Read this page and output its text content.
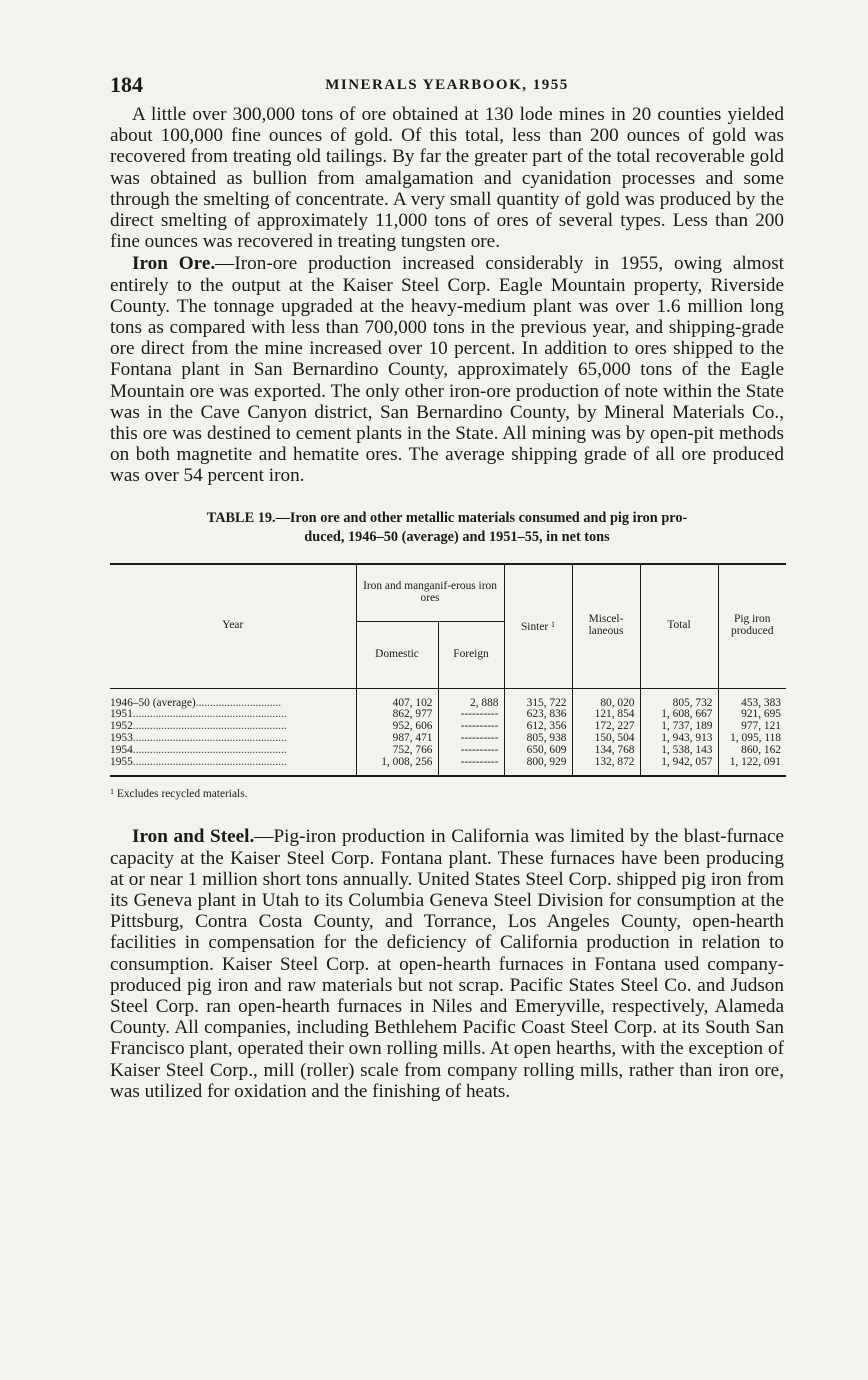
184	MINERALS YEARBOOK, 1955

A little over 300,000 tons of ore obtained at 130 lode mines in 20 counties yielded about 100,000 fine ounces of gold. Of this total, less than 200 ounces of gold was recovered from treating old tailings. By far the greater part of the total recoverable gold was obtained as bullion from amalgamation and cyanidation processes and some through the smelting of concentrate. A very small quantity of gold was produced by the direct smelting of approximately 11,000 tons of ores of several types. Less than 200 fine ounces was recovered in treating tungsten ore.

Iron Ore.—Iron-ore production increased considerably in 1955, owing almost entirely to the output at the Kaiser Steel Corp. Eagle Mountain property, Riverside County. The tonnage upgraded at the heavy-medium plant was over 1.6 million long tons as compared with less than 700,000 tons in the previous year, and shipping-grade ore direct from the mine increased over 10 percent. In addition to ores shipped to the Fontana plant in San Bernardino County, approximately 65,000 tons of the Eagle Mountain ore was exported. The only other iron-ore production of note within the State was in the Cave Canyon district, San Bernardino County, by Mineral Materials Co., this ore was destined to cement plants in the State. All mining was by open-pit methods on both magnetite and hematite ores. The average shipping grade of all ore produced was over 54 percent iron.

TABLE 19.—Iron ore and other metallic materials consumed and pig iron pro-
duced, 1946–50 (average) and 1951–55, in net tons
Year	Iron and manganif-erous iron ores		Sinter $^1$	Miscel-laneous	Total	Pig iron produced
	Domestic	Foreign				
1946–50 (average)..............................	407, 102	2, 888	315, 722	80, 020	805, 732	453, 383
1951......................................................	862, 977	----------	623, 836	121, 854	1, 608, 667	921, 695
1952......................................................	952, 606	----------	612, 356	172, 227	1, 737, 189	977, 121
1953......................................................	987, 471	----------	805, 938	150, 504	1, 943, 913	1, 095, 118
1954......................................................	752, 766	----------	650, 609	134, 768	1, 538, 143	860, 162
1955......................................................	1, 008, 256	----------	800, 929	132, 872	1, 942, 057	1, 122, 091
$^1$ Excludes recycled materials.

Iron and Steel.—Pig-iron production in California was limited by the blast-furnace capacity at the Kaiser Steel Corp. Fontana plant. These furnaces have been producing at or near 1 million short tons annually. United States Steel Corp. shipped pig iron from its Geneva plant in Utah to its Columbia Geneva Steel Division for consumption at the Pittsburg, Contra Costa County, and Torrance, Los Angeles County, open-hearth facilities in compensation for the deficiency of California production in relation to consumption. Kaiser Steel Corp. at open-hearth furnaces in Fontana used company-produced pig iron and raw materials but not scrap. Pacific States Steel Co. and Judson Steel Corp. ran open-hearth furnaces in Niles and Emeryville, respectively, Alameda County. All companies, including Bethlehem Pacific Coast Steel Corp. at its South San Francisco plant, operated their own rolling mills. At open hearths, with the exception of Kaiser Steel Corp., mill (roller) scale from company rolling mills, rather than iron ore, was utilized for oxidation and the finishing of heats.
